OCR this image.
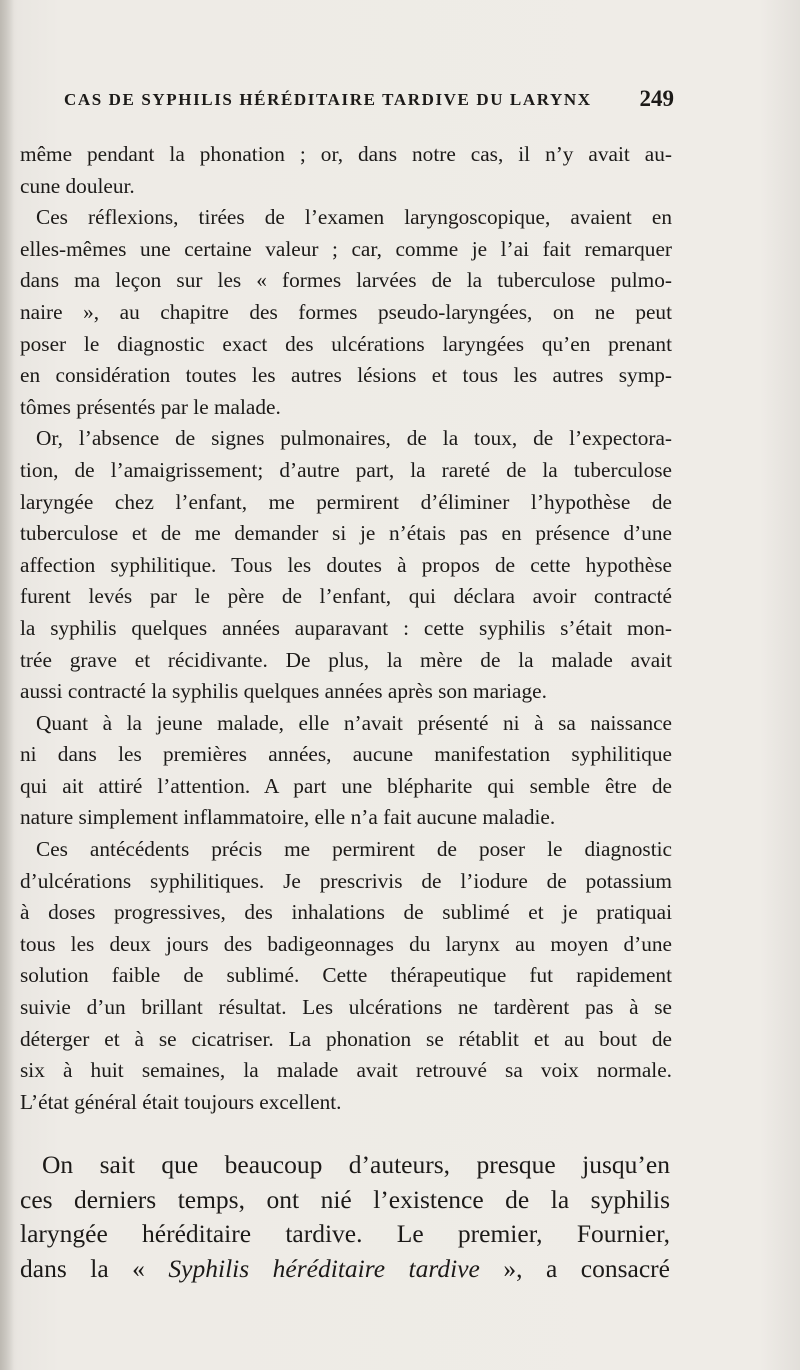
CAS DE SYPHILIS HÉRÉDITAIRE TARDIVE DU LARYNX 249
même pendant la phonation ; or, dans notre cas, il n’y avait au-
cune douleur.
Ces réflexions, tirées de l’examen laryngoscopique, avaient en
elles-mêmes une certaine valeur ; car, comme je l’ai fait remarquer
dans ma leçon sur les « formes larvées de la tuberculose pulmo-
naire », au chapitre des formes pseudo-laryngées, on ne peut
poser le diagnostic exact des ulcérations laryngées qu’en prenant
en considération toutes les autres lésions et tous les autres symp-
tômes présentés par le malade.
Or, l’absence de signes pulmonaires, de la toux, de l’expectora-
tion, de l’amaigrissement; d’autre part, la rareté de la tuberculose
laryngée chez l’enfant, me permirent d’éliminer l’hypothèse de
tuberculose et de me demander si je n’étais pas en présence d’une
affection syphilitique. Tous les doutes à propos de cette hypothèse
furent levés par le père de l’enfant, qui déclara avoir contracté
la syphilis quelques années auparavant : cette syphilis s’était mon-
trée grave et récidivante. De plus, la mère de la malade avait
aussi contracté la syphilis quelques années après son mariage.
Quant à la jeune malade, elle n’avait présenté ni à sa naissance
ni dans les premières années, aucune manifestation syphilitique
qui ait attiré l’attention. A part une blépharite qui semble être de
nature simplement inflammatoire, elle n’a fait aucune maladie.
Ces antécédents précis me permirent de poser le diagnostic
d’ulcérations syphilitiques. Je prescrivis de l’iodure de potassium
à doses progressives, des inhalations de sublimé et je pratiquai
tous les deux jours des badigeonnages du larynx au moyen d’une
solution faible de sublimé. Cette thérapeutique fut rapidement
suivie d’un brillant résultat. Les ulcérations ne tardèrent pas à se
déterger et à se cicatriser. La phonation se rétablit et au bout de
six à huit semaines, la malade avait retrouvé sa voix normale.
L’état général était toujours excellent.
On sait que beaucoup d’auteurs, presque jusqu’en
ces derniers temps, ont nié l’existence de la syphilis
laryngée héréditaire tardive. Le premier, Fournier,
dans la « Syphilis héréditaire tardive », a consacré
